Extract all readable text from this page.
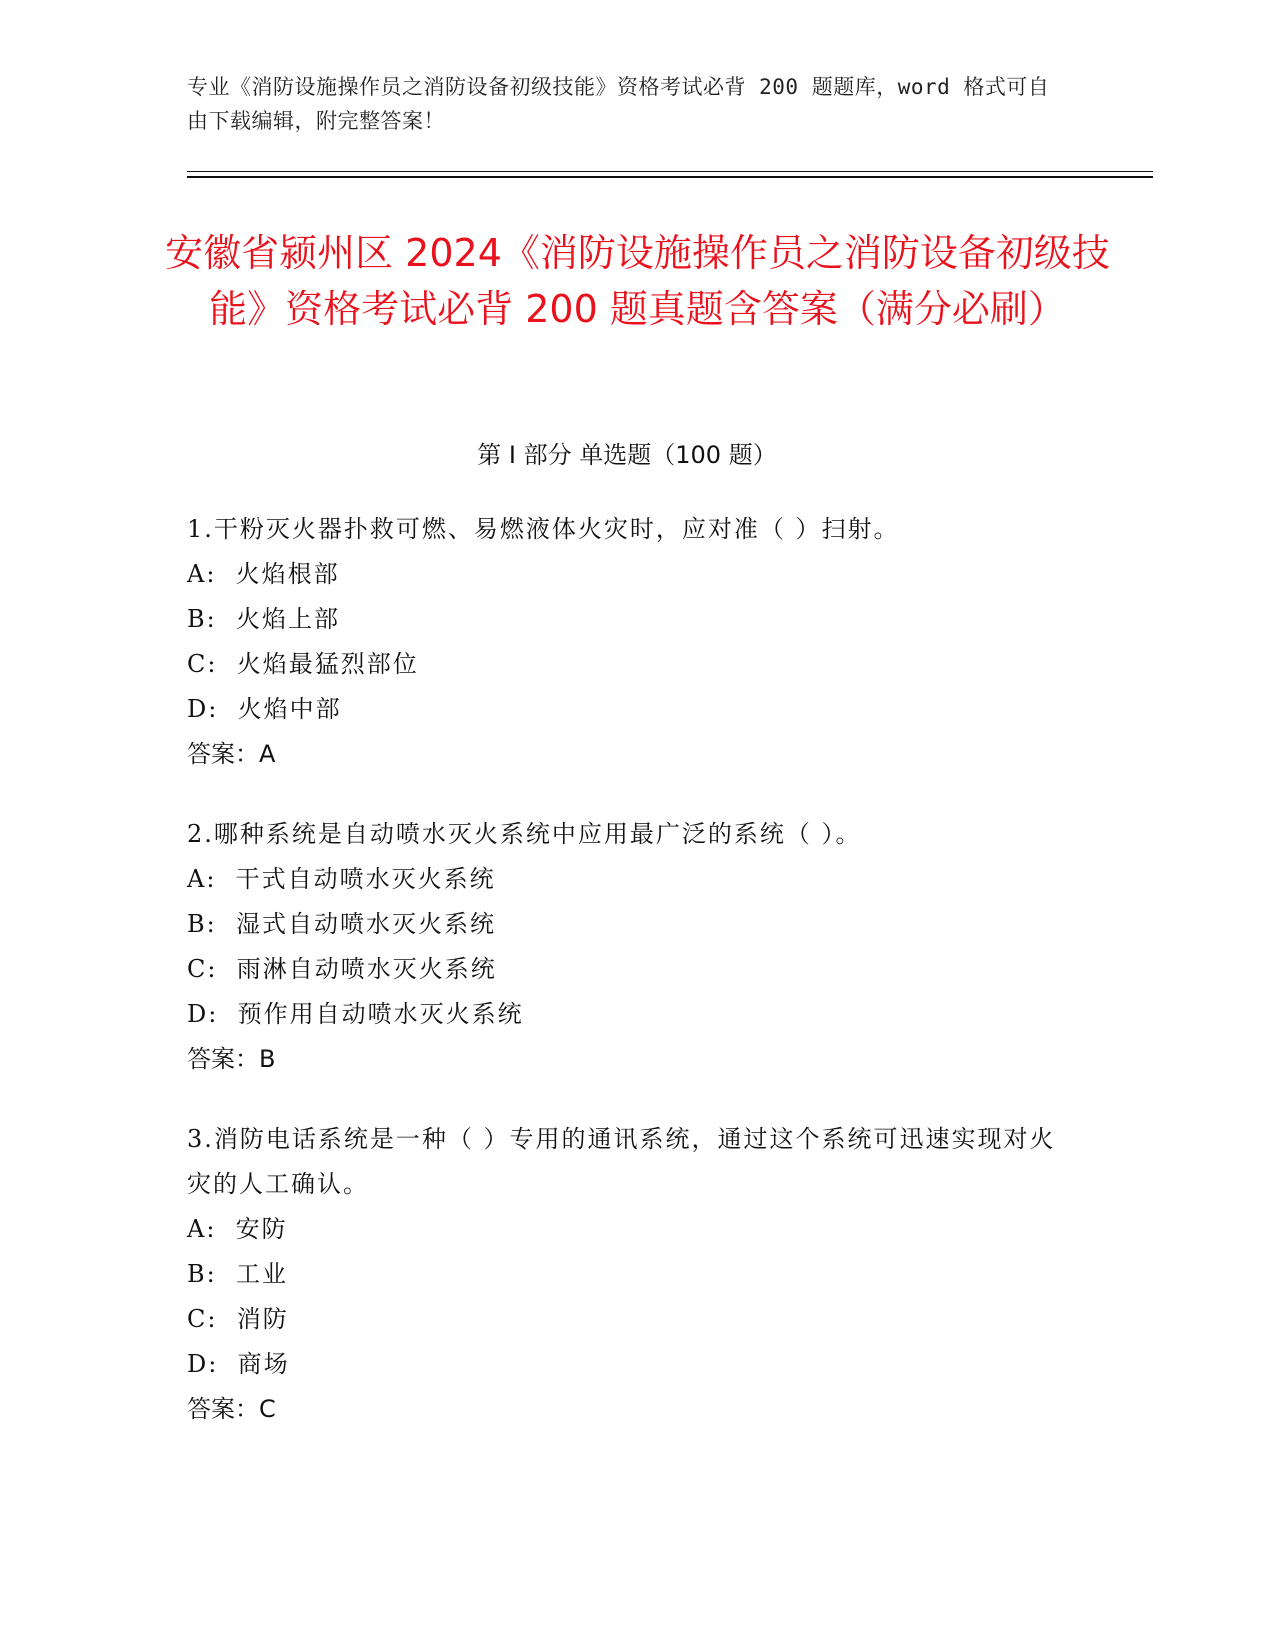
专业《消防设施操作员之消防设备初级技能》资格考试必背 200 题题库，word 格式可自由下载编辑，附完整答案！
安徽省颍州区 2024《消防设施操作员之消防设备初级技能》资格考试必背 200 题真题含答案（满分必刷）
第 I 部分 单选题（100 题）
1.干粉灭火器扑救可燃、易燃液体火灾时，应对准（ ）扫射。
A:  火焰根部
B:  火焰上部
C:  火焰最猛烈部位
D:  火焰中部
答案：A
2.哪种系统是自动喷水灭火系统中应用最广泛的系统（ ）。
A:  干式自动喷水灭火系统
B:  湿式自动喷水灭火系统
C:  雨淋自动喷水灭火系统
D:  预作用自动喷水灭火系统
答案：B
3.消防电话系统是一种（ ）专用的通讯系统，通过这个系统可迅速实现对火灾的人工确认。
A:  安防
B:  工业
C:  消防
D:  商场
答案：C
